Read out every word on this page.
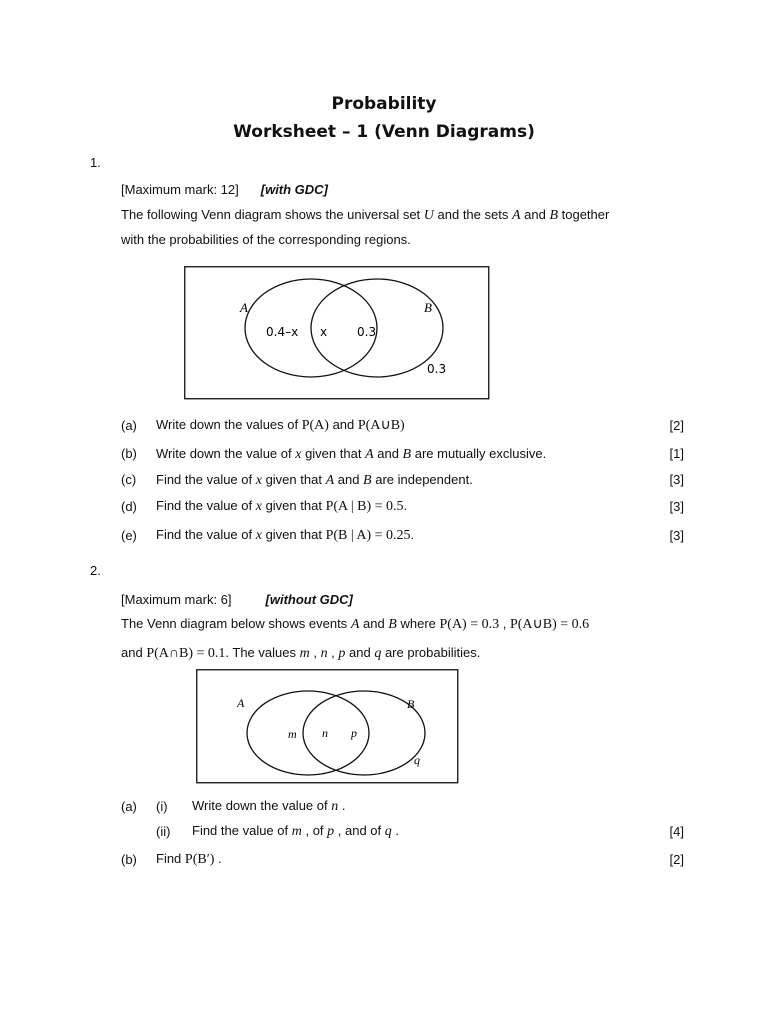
Probability
Worksheet – 1 (Venn Diagrams)
1.
[Maximum mark: 12] [with GDC]
The following Venn diagram shows the universal set U and the sets A and B together
with the probabilities of the corresponding regions.
A	B
0.4–x x 0.3
0.3
(a) Write down the values of P(A) and P(A∪B)	[2]
(b) Write down the value of x given that A and B are mutually exclusive.	[1]
(c) Find the value of x given that A and B are independent.	[3]
(d) Find the value of x given that P(A | B) = 0.5.	[3]
(e) Find the value of x given that P(B | A) = 0.25.	[3]
2.
[Maximum mark: 6]	[without GDC]
The Venn diagram below shows events A and B where P(A) = 0.3 , P(A∪B) = 0.6
and P(A∩B) = 0.1. The values m , n , p and q are probabilities.
A	B
m n p
q
(a) (i) Write down the value of n .
(ii) Find the value of m , of p , and of q .	[4]
(b) Find P(B′) .	[2]
